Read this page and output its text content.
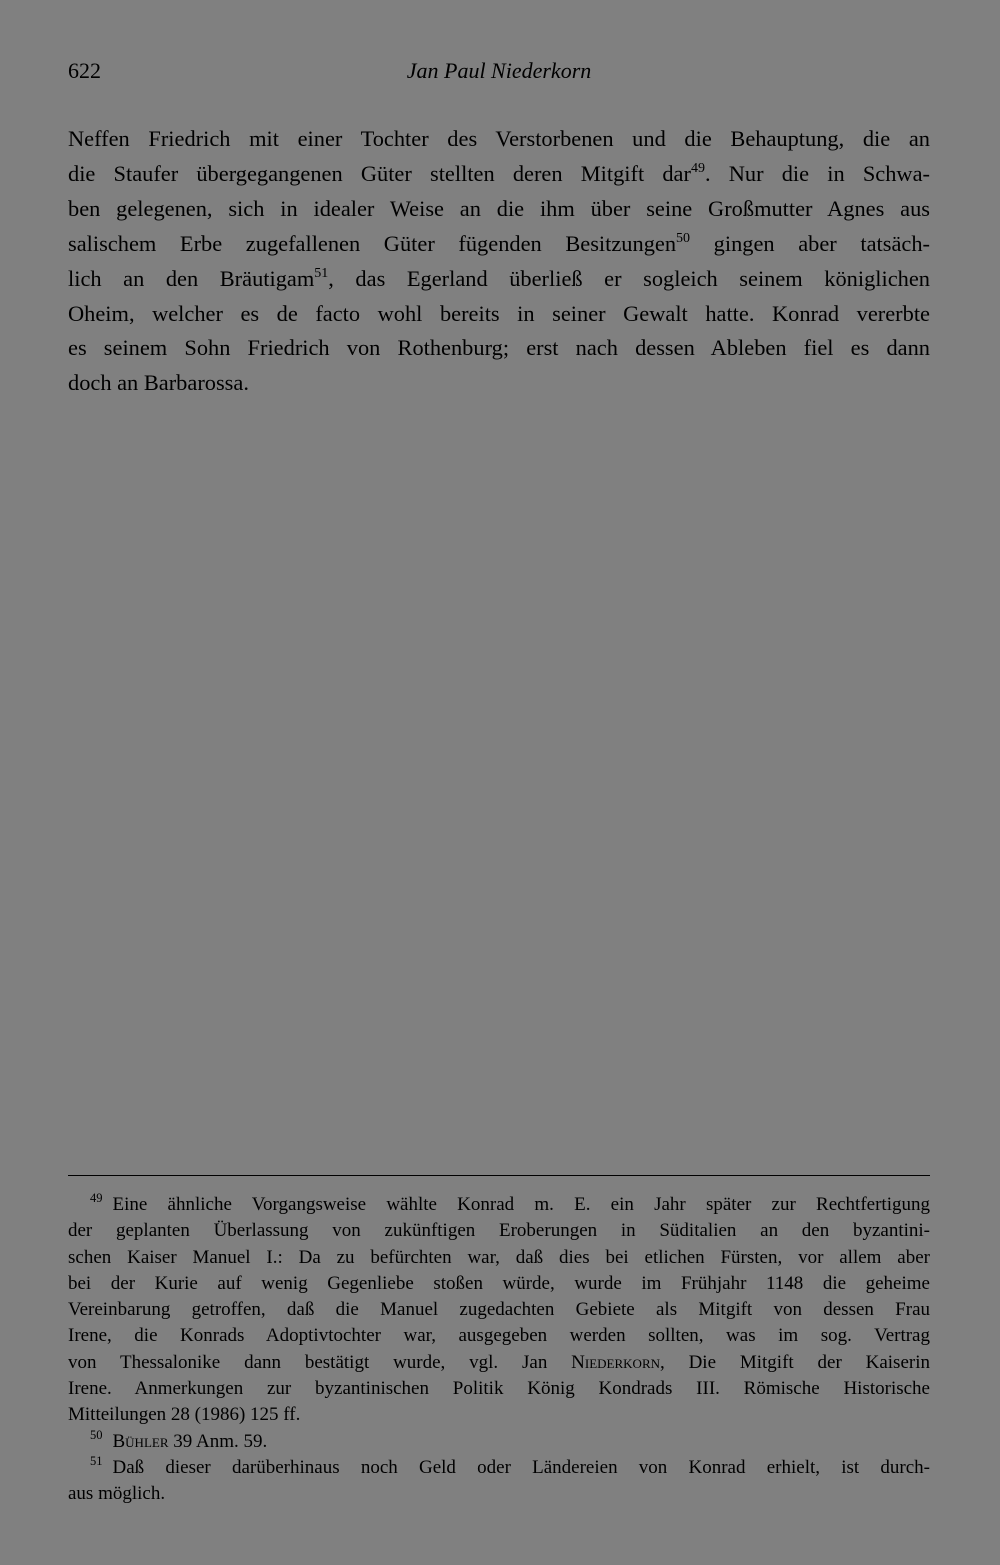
622	Jan Paul Niederkorn
Neffen Friedrich mit einer Tochter des Verstorbenen und die Behauptung, die an
die Staufer übergegangenen Güter stellten deren Mitgift dar$^{49}$. Nur die in Schwa-
ben gelegenen, sich in idealer Weise an die ihm über seine Großmutter Agnes aus
salischem Erbe zugefallenen Güter fügenden Besitzungen$^{50}$ gingen aber tatsäch-
lich an den Bräutigam$^{51}$, das Egerland überließ er sogleich seinem königlichen
Oheim, welcher es de facto wohl bereits in seiner Gewalt hatte. Konrad vererbte
es seinem Sohn Friedrich von Rothenburg; erst nach dessen Ableben fiel es dann
doch an Barbarossa.
$^{49}$ Eine ähnliche Vorgangsweise wählte Konrad m. E. ein Jahr später zur Rechtfertigung
der geplanten Überlassung von zukünftigen Eroberungen in Süditalien an den byzantini-
schen Kaiser Manuel I.: Da zu befürchten war, daß dies bei etlichen Fürsten, vor allem aber
bei der Kurie auf wenig Gegenliebe stoßen würde, wurde im Frühjahr 1148 die geheime
Vereinbarung getroffen, daß die Manuel zugedachten Gebiete als Mitgift von dessen Frau
Irene, die Konrads Adoptivtochter war, ausgegeben werden sollten, was im sog. Vertrag
von Thessalonike dann bestätigt wurde, vgl. Jan Niederkorn, Die Mitgift der Kaiserin
Irene. Anmerkungen zur byzantinischen Politik König Kondrads III. Römische Historische
Mitteilungen 28 (1986) 125 ff.
$^{50}$ Bühler 39 Anm. 59.
$^{51}$ Daß dieser darüberhinaus noch Geld oder Ländereien von Konrad erhielt, ist durch-
aus möglich.
